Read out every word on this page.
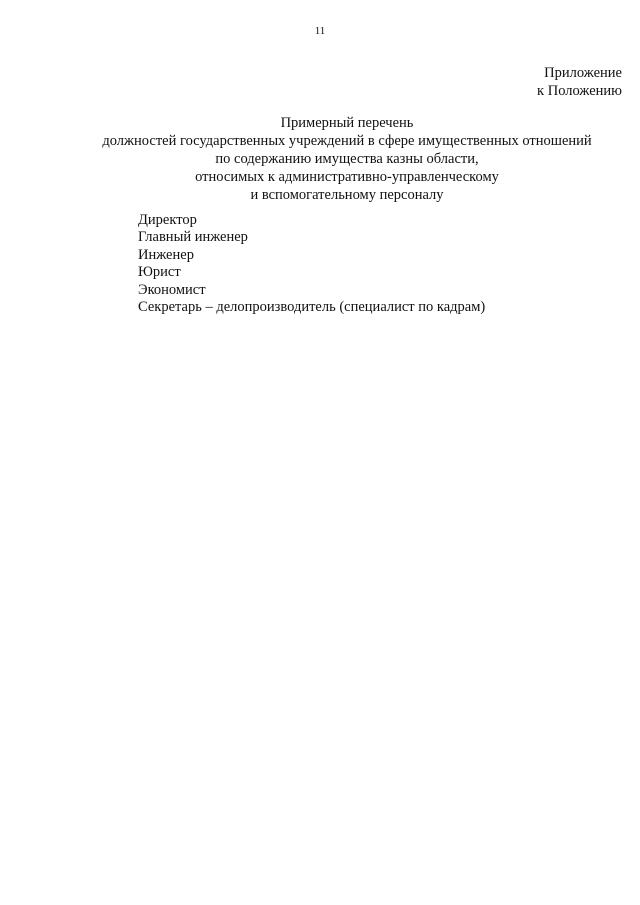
11
Приложение
к Положению
Примерный перечень
должностей государственных учреждений в сфере имущественных отношений
по содержанию имущества казны области,
относимых к административно-управленческому
и вспомогательному персоналу
Директор
Главный инженер
Инженер
Юрист
Экономист
Секретарь – делопроизводитель (специалист по кадрам)
